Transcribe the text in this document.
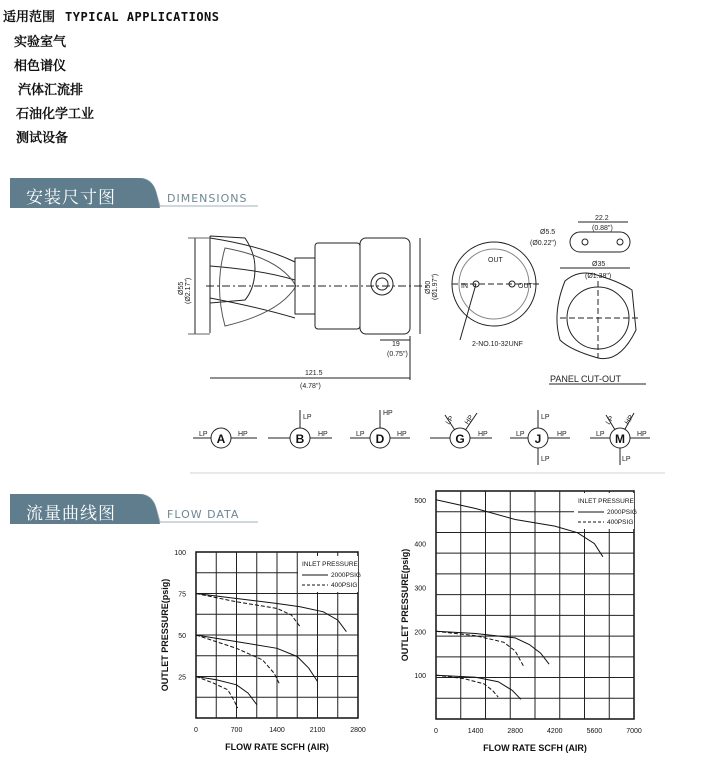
适用范围 TYPICAL APPLICATIONS
实验室气
相色谱仪
汽体汇流排
石油化学工业
测试设备
安装尺寸图	DIMENSIONS
Ø55 (Ø2.17")	Ø50 (Ø1.97")
19
(0.75")
121.5
(4.78")
OUT
IN	OUT
2-NO.10-32UNF
Ø5.5
(Ø0.22")
22.2
(0.88")
Ø35
(Ø1.38")
PANEL CUT-OUT
A	B	D	G	J	M
LP	HP
LP
HP	LP
HP
HP
LP HP
HP	LP
LP
LP
HP	LP
LP HP
HP
LP
流量曲线图	FLOW DATA
0	700	1400	2100	2800
25
50
75
100
FLOW RATE SCFH (AIR)
OUTLET PRESSURE(psig)
INLET PRESSURE
2000PSIG
400PSIG
0	1400	2800	4200	5600	7000
100
200
300
400
500
FLOW RATE SCFH (AIR)
OUTLET PRESSURE(psig)
INLET PRESSURE
2000PSIG
400PSIG
